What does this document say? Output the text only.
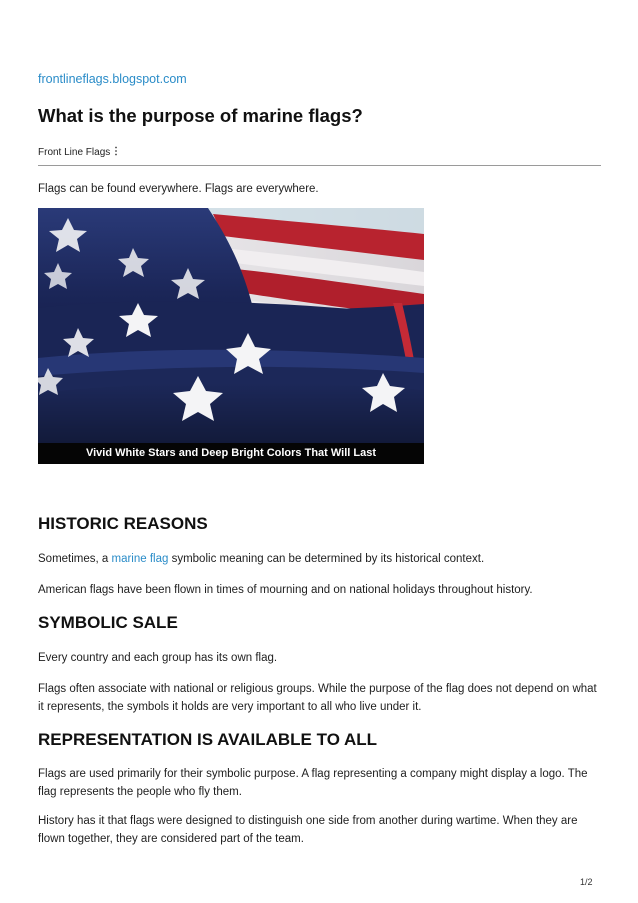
frontlineflags.blogspot.com
What is the purpose of marine flags?
Front Line Flags

Flags can be found everywhere. Flags are everywhere.

Vivid White Stars and Deep Bright Colors That Will Last
HISTORIC REASONS

Sometimes, a marine flag symbolic meaning can be determined by its historical context.

American flags have been flown in times of mourning and on national holidays throughout history.

SYMBOLIC SALE

Every country and each group has its own flag.

Flags often associate with national or religious groups. While the purpose of the flag does not depend on what it represents, the symbols it holds are very important to all who live under it.

REPRESENTATION IS AVAILABLE TO ALL

Flags are used primarily for their symbolic purpose. A flag representing a company might display a logo. The flag represents the people who fly them.

History has it that flags were designed to distinguish one side from another during wartime. When they are flown together, they are considered part of the team.

1/2
